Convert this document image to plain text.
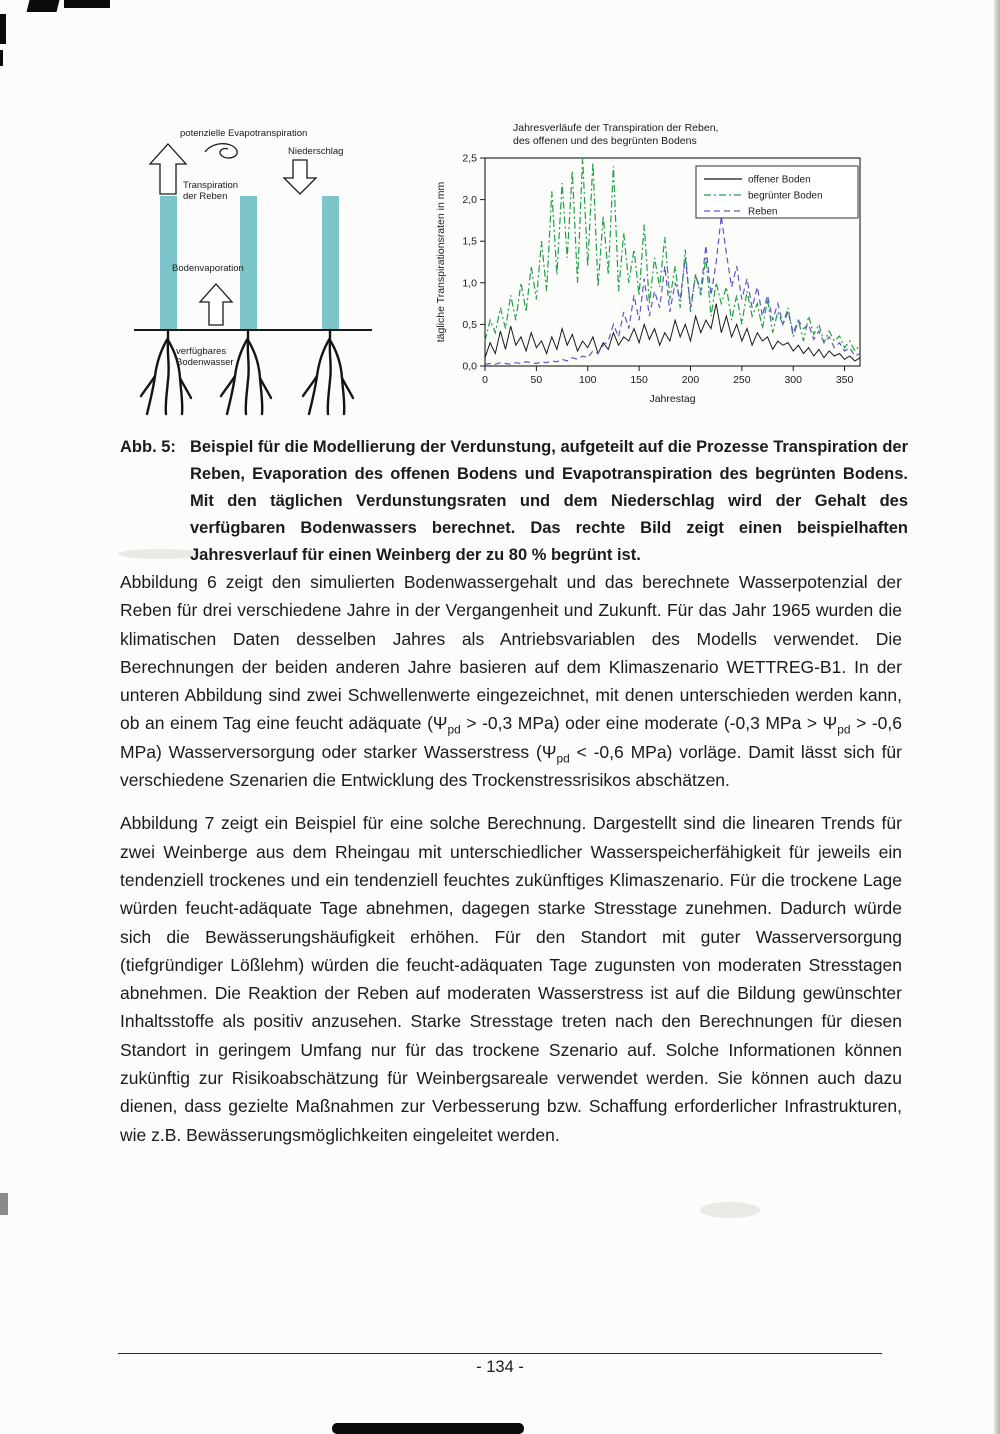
potenzielle Evapotranspiration
Niederschlag
Transpiration
der Reben
Bodenvaporation
verfügbares
Bodenwasser
Jahresverläufe der Transpiration der Reben,
des offenen und des begrünten Bodens
0,0
0,5
1,0
1,5
2,0
2,5
0	50	100	150	200	250	300	350
tägliche Transpirationsraten in mm
Jahrestag
offener Boden
begrünter Boden
Reben
Abb. 5: Beispiel für die Modellierung der Verdunstung, aufgeteilt auf die Prozesse Transpiration der Reben, Evaporation des offenen Bodens und Evapotranspiration des begrünten Bodens. Mit den täglichen Verdunstungsraten und dem Niederschlag wird der Gehalt des verfügbaren Bodenwassers berechnet. Das rechte Bild zeigt einen beispielhaften Jahresverlauf für einen Weinberg der zu 80 % begrünt ist.

Abbildung 6 zeigt den simulierten Bodenwassergehalt und das berechnete Wasserpotenzial der Reben für drei verschiedene Jahre in der Vergangenheit und Zukunft. Für das Jahr 1965 wurden die klimatischen Daten desselben Jahres als Antriebsvariablen des Modells verwendet. Die Berechnungen der beiden anderen Jahre basieren auf dem Klimaszenario WETTREG-B1. In der unteren Abbildung sind zwei Schwellenwerte eingezeichnet, mit denen unterschieden werden kann, ob an einem Tag eine feucht adäquate ($\Psi_{pd} > -0,3$ MPa) oder eine moderate (-0,3 MPa > $\Psi_{pd} > -0,6$ MPa) Wasserversorgung oder starker Wasserstress ($\Psi_{pd} < -0,6$ MPa) vorläge. Damit lässt sich für verschiedene Szenarien die Entwicklung des Trockenstressrisikos abschätzen.

Abbildung 7 zeigt ein Beispiel für eine solche Berechnung. Dargestellt sind die linearen Trends für zwei Weinberge aus dem Rheingau mit unterschiedlicher Wasserspeicherfähigkeit für jeweils ein tendenziell trockenes und ein tendenziell feuchtes zukünftiges Klimaszenario. Für die trockene Lage würden feucht-adäquate Tage abnehmen, dagegen starke Stresstage zunehmen. Dadurch würde sich die Bewässerungshäufigkeit erhöhen. Für den Standort mit guter Wasserversorgung (tiefgründiger Lößlehm) würden die feucht-adäquaten Tage zugunsten von moderaten Stresstagen abnehmen. Die Reaktion der Reben auf moderaten Wasserstress ist auf die Bildung gewünschter Inhaltsstoffe als positiv anzusehen. Starke Stresstage treten nach den Berechnungen für diesen Standort in geringem Umfang nur für das trockene Szenario auf. Solche Informationen können zukünftig zur Risikoabschätzung für Weinbergsareale verwendet werden. Sie können auch dazu dienen, dass gezielte Maßnahmen zur Verbesserung bzw. Schaffung erforderlicher Infrastrukturen, wie z.B. Bewässerungsmöglichkeiten eingeleitet werden.

- 134 -
